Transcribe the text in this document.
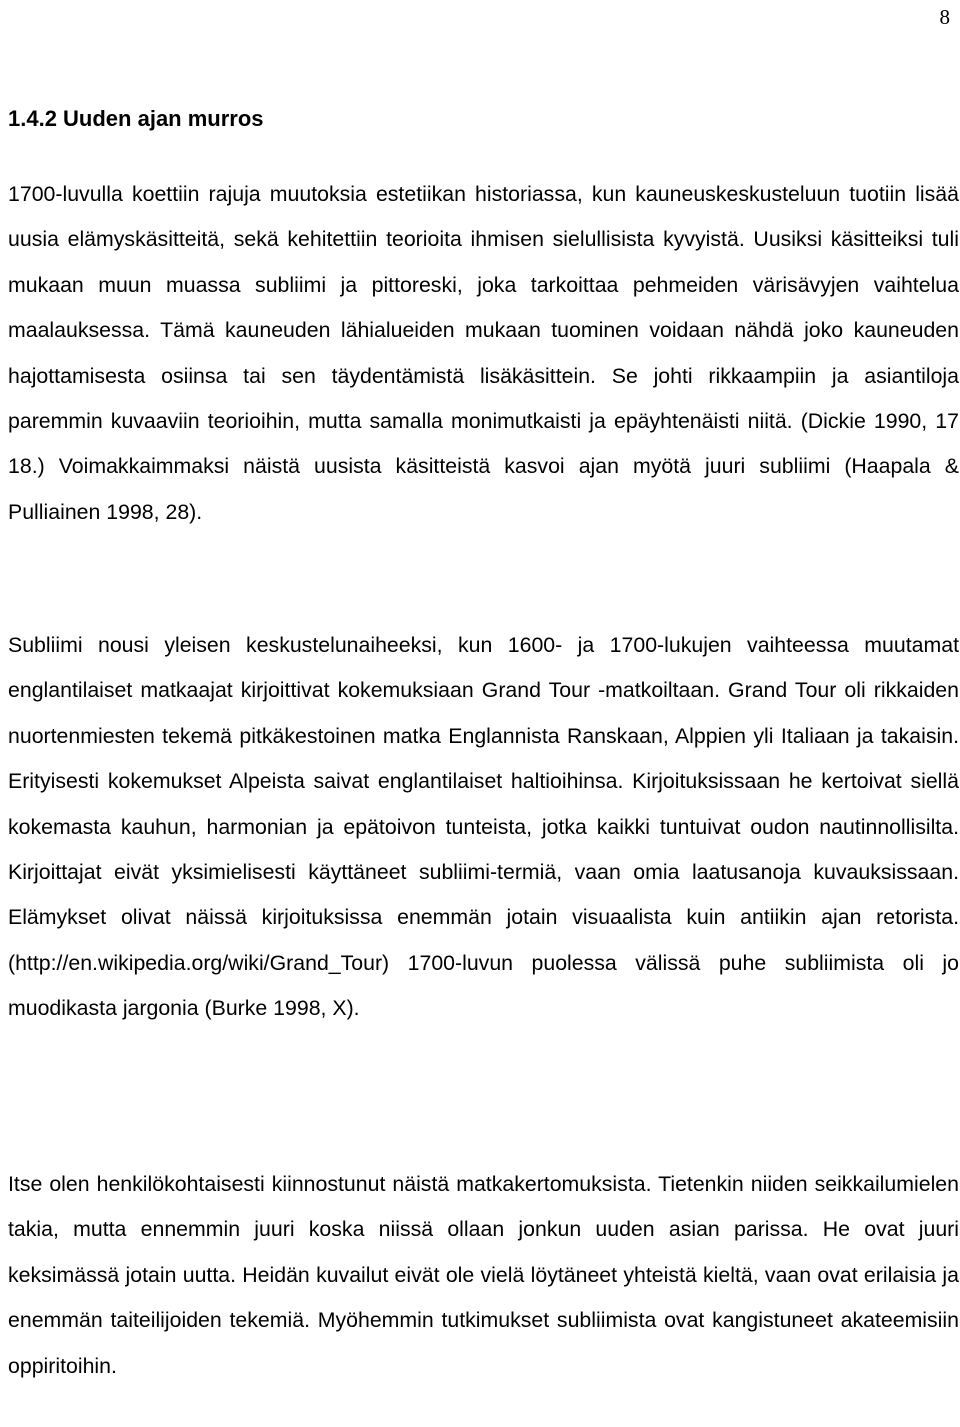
8
1.4.2 Uuden ajan murros

1700-luvulla koettiin rajuja muutoksia estetiikan historiassa, kun kauneuskeskusteluun tuotiin lisää uusia elämyskäsitteitä, sekä kehitettiin teorioita ihmisen sielullisista kyvyistä. Uusiksi käsitteiksi tuli mukaan muun muassa subliimi ja pittoreski, joka tarkoittaa pehmeiden värisävyjen vaihtelua maalauksessa. Tämä kauneuden lähialueiden mukaan tuominen voidaan nähdä joko kauneuden hajottamisesta osiinsa tai sen täydentämistä lisäkäsittein. Se johti rikkaampiin ja asiantiloja paremmin kuvaaviin teorioihin, mutta samalla monimutkaisti ja epäyhtenäisti niitä. (Dickie 1990, 17 18.) Voimakkaimmaksi näistä uusista käsitteistä kasvoi ajan myötä juuri subliimi (Haapala & Pulliainen 1998, 28).

Subliimi nousi yleisen keskustelunaiheeksi, kun 1600- ja 1700-lukujen vaihteessa muutamat englantilaiset matkaajat kirjoittivat kokemuksiaan Grand Tour -matkoiltaan. Grand Tour oli rikkaiden nuortenmiesten tekemä pitkäkestoinen matka Englannista Ranskaan, Alppien yli Italiaan ja takaisin. Erityisesti kokemukset Alpeista saivat englantilaiset haltioihinsa. Kirjoituksissaan he kertoivat siellä kokemasta kauhun, harmonian ja epätoivon tunteista, jotka kaikki tuntuivat oudon nautinnollisilta. Kirjoittajat eivät yksimielisesti käyttäneet subliimi-termiä, vaan omia laatusanoja kuvauksissaan. Elämykset olivat näissä kirjoituksissa enemmän jotain visuaalista kuin antiikin ajan retorista. (http://en.wikipedia.org/wiki/Grand_Tour) 1700-luvun puolessa välissä puhe subliimista oli jo muodikasta jargonia (Burke 1998, X).

Itse olen henkilökohtaisesti kiinnostunut näistä matkakertomuksista. Tietenkin niiden seikkailumielen takia, mutta ennemmin juuri koska niissä ollaan jonkun uuden asian parissa. He ovat juuri keksimässä jotain uutta. Heidän kuvailut eivät ole vielä löytäneet yhteistä kieltä, vaan ovat erilaisia ja enemmän taiteilijoiden tekemiä. Myöhemmin tutkimukset subliimista ovat kangistuneet akateemisiin oppiritoihin.
